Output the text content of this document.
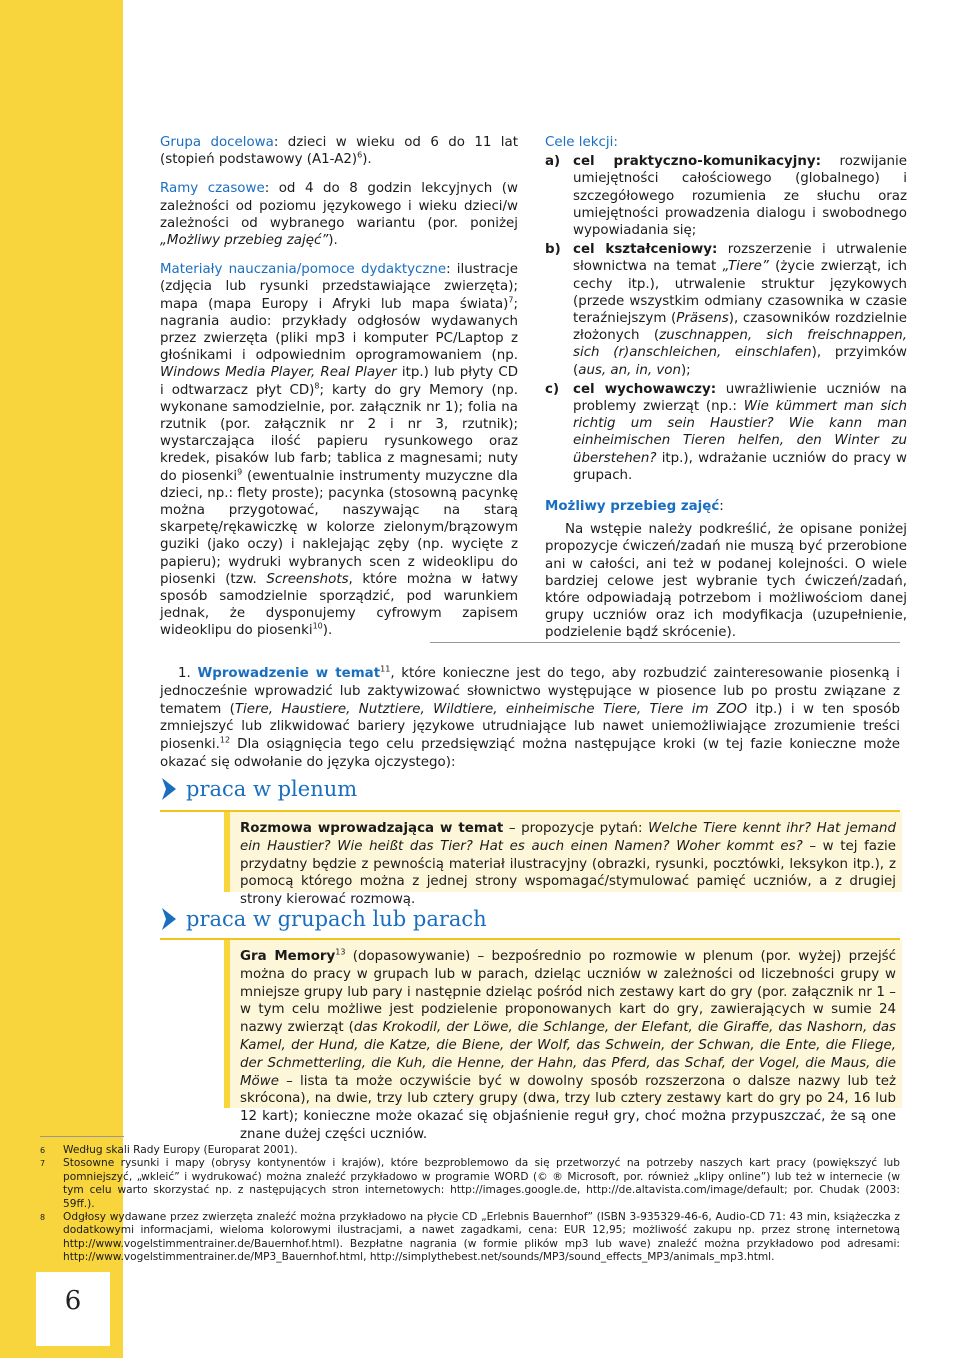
6

Grupa docelowa: dzieci w wieku od 6 do 11 lat (stopień podstawowy $(A1-A2)^6$).

Ramy czasowe: od 4 do 8 godzin lekcyjnych (w zależności od poziomu językowego i wieku dzieci/w zależności od wybranego wariantu (por. poniżej „Możliwy przebieg zajęć”).

Materiały nauczania/pomoce dydaktyczne: ilustracje (zdjęcia lub rysunki przedstawiające zwierzęta); mapa (mapa Europy i Afryki lub mapa świata)$^7$; nagrania audio: przykłady odgłosów wydawanych przez zwierzęta (pliki mp3 i komputer PC/Laptop z głośnikami i odpowiednim oprogramowaniem (np. Windows Media Player, Real Player itp.) lub płyty CD i odtwarzacz płyt CD)$^8$; karty do gry Memory (np. wykonane samodzielnie, por. załącznik nr 1); folia na rzutnik (por. załącznik nr 2 i nr 3, rzutnik); wystarczająca ilość papieru rysunkowego oraz kredek, pisaków lub farb; tablica z magnesami; nuty do piosenki$^9$ (ewentualnie instrumenty muzyczne dla dzieci, np.: flety proste); pacynka (stosowną pacynkę można przygotować, naszywając na starą skarpetę/rękawiczkę w kolorze zielonym/brązowym guziki (jako oczy) i naklejając zęby (np. wycięte z papieru); wydruki wybranych scen z wideoklipu do piosenki (tzw. Screenshots, które można w łatwy sposób samodzielnie sporządzić, pod warunkiem jednak, że dysponujemy cyfrowym zapisem wideoklipu do piosenki$^{10}$).

Cele lekcji:
a) cel praktyczno-komunikacyjny: rozwijanie umiejętności całościowego (globalnego) i szczegółowego rozumienia ze słuchu oraz umiejętności prowadzenia dialogu i swobodnego wypowiadania się;
b) cel kształceniowy: rozszerzenie i utrwalenie słownictwa na temat „Tiere” (życie zwierząt, ich cechy itp.), utrwalenie struktur językowych (przede wszystkim odmiany czasownika w czasie teraźniejszym (Präsens), czasowników rozdzielnie złożonych (zuschnappen, sich freischnappen, sich (r)anschleichen, einschlafen), przyimków (aus, an, in, von);
c)	cel wychowawczy: uwrażliwienie uczniów na problemy zwierząt (np.: Wie kümmert man sich richtig um sein Haustier? Wie kann man einheimischen Tieren helfen, den Winter zu überstehen? itp.), wdrażanie uczniów do pracy w grupach.
Możliwy przebieg zajęć:

Na wstępie należy podkreślić, że opisane poniżej propozycje ćwiczeń/zadań nie muszą być przerobione ani w całości, ani też w podanej kolejności. O wiele bardziej celowe jest wybranie tych ćwiczeń/zadań, które odpowiadają potrzebom i możliwościom danej grupy uczniów oraz ich modyfikacja (uzupełnienie, podzielenie bądź skrócenie).

1. Wprowadzenie w temat$^{11}$, które konieczne jest do tego, aby rozbudzić zainteresowanie piosenką i jednocześnie wprowadzić lub zaktywizować słownictwo występujące w piosence lub po prostu związane z tematem (Tiere, Haustiere, Nutztiere, Wildtiere, einheimische Tiere, Tiere im ZOO itp.) i w ten sposób zmniejszyć lub zlikwidować bariery językowe utrudniające lub nawet uniemożliwiające zrozumienie treści piosenki.$^{12}$ Dla osiągnięcia tego celu przedsięwziąć można następujące kroki (w tej fazie konieczne może okazać się odwołanie do języka ojczystego):

praca w plenum
Rozmowa wprowadzająca w temat – propozycje pytań: Welche Tiere kennt ihr? Hat jemand ein Haustier? Wie heißt das Tier? Hat es auch einen Namen? Woher kommt es? – w tej fazie przydatny będzie z pewnością materiał ilustracyjny (obrazki, rysunki, pocztówki, leksykon itp.), z pomocą którego można z jednej strony wspomagać/stymulować pamięć uczniów, a z drugiej strony kierować rozmową.
praca w grupach lub parach
Gra Memory$^{13}$ (dopasowywanie) – bezpośrednio po rozmowie w plenum (por. wyżej) przejść można do pracy w grupach lub w parach, dzieląc uczniów w zależności od liczebności grupy w mniejsze grupy lub pary i następnie dzieląc pośród nich zestawy kart do gry (por. załącznik nr 1 – w tym celu możliwe jest podzielenie proponowanych kart do gry, zawierających w sumie 24 nazwy zwierząt (das Krokodil, der Löwe, die Schlange, der Elefant, die Giraffe, das Nashorn, das Kamel, der Hund, die Katze, die Biene, der Wolf, das Schwein, der Schwan, die Ente, die Fliege, der Schmetterling, die Kuh, die Henne, der Hahn, das Pferd, das Schaf, der Vogel, die Maus, die Möwe – lista ta może oczywiście być w dowolny sposób rozszerzona o dalsze nazwy lub też skrócona), na dwie, trzy lub cztery grupy (dwa, trzy lub cztery zestawy kart do gry po 24, 16 lub 12 kart); konieczne może okazać się objaśnienie reguł gry, choć można przypuszczać, że są one znane dużej części uczniów.
6	Według skali Rady Europy (Europarat 2001).
7	Stosowne rysunki i mapy (obrysy kontynentów i krajów), które bezproblemowo da się przetworzyć na potrzeby naszych kart pracy (powiększyć lub pomniejszyć, „wkleić” i wydrukować) można znaleźć przykładowo w programie WORD (© ® Microsoft, por. również „klipy online”) lub też w internecie (w tym celu warto skorzystać np. z następujących stron internetowych: http://images.google.de, http://de.altavista.com/image/default; por. Chudak (2003: 59ff.).
8	Odgłosy wydawane przez zwierzęta znaleźć można przykładowo na płycie CD „Erlebnis Bauernhof” (ISBN 3-935329-46-6, Audio-CD 71: 43 min, książeczka z dodatkowymi informacjami, wieloma kolorowymi ilustracjami, a nawet zagadkami, cena: EUR 12,95; możliwość zakupu np. przez stronę internetową http://www.vogelstimmentrainer.de/Bauernhof.html). Bezpłatne nagrania (w formie plików mp3 lub wave) znaleźć można przykładowo pod adresami: http://www.vogelstimmentrainer.de/MP3_Bauernhof.html, http://simplythebest.net/sounds/MP3/sound_effects_MP3/animals_mp3.html.
